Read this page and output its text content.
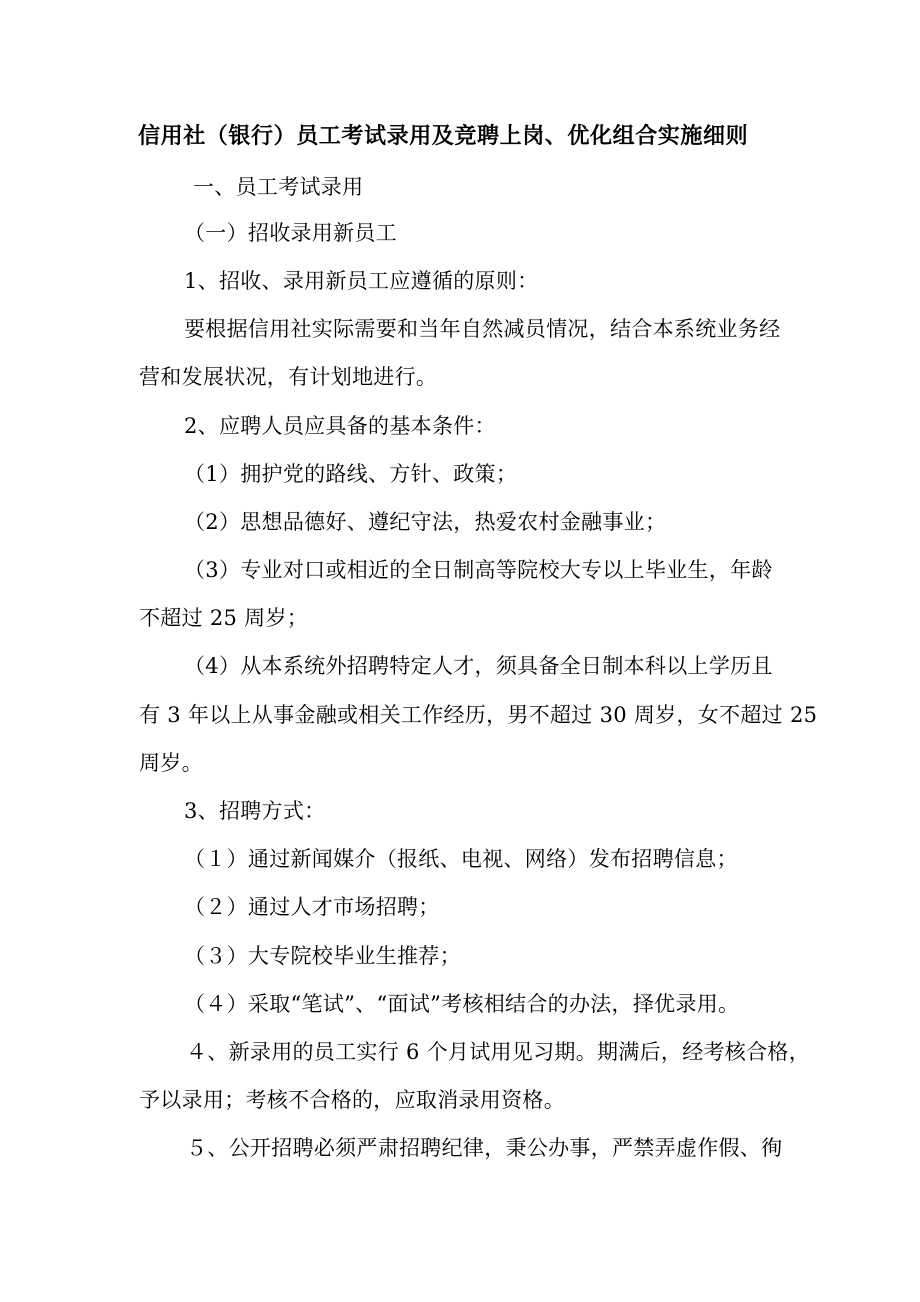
信用社（银行）员工考试录用及竞聘上岗、优化组合实施细则
一、员工考试录用
（一）招收录用新员工
1、招收、录用新员工应遵循的原则：
要根据信用社实际需要和当年自然减员情况，结合本系统业务经
营和发展状况，有计划地进行。
2、应聘人员应具备的基本条件：
（1）拥护党的路线、方针、政策；
（2）思想品德好、遵纪守法，热爱农村金融事业；
（3）专业对口或相近的全日制高等院校大专以上毕业生，年龄
不超过 25 周岁；
（4）从本系统外招聘特定人才，须具备全日制本科以上学历且
有 3 年以上从事金融或相关工作经历，男不超过 30 周岁，女不超过 25
周岁。
3、招聘方式：
（１）通过新闻媒介（报纸、电视、网络）发布招聘信息；
（２）通过人才市场招聘；
（３）大专院校毕业生推荐；
（４）采取“笔试”、“面试”考核相结合的办法，择优录用。
４、新录用的员工实行 6 个月试用见习期。期满后，经考核合格，
予以录用；考核不合格的，应取消录用资格。
５、公开招聘必须严肃招聘纪律，秉公办事，严禁弄虚作假、徇
